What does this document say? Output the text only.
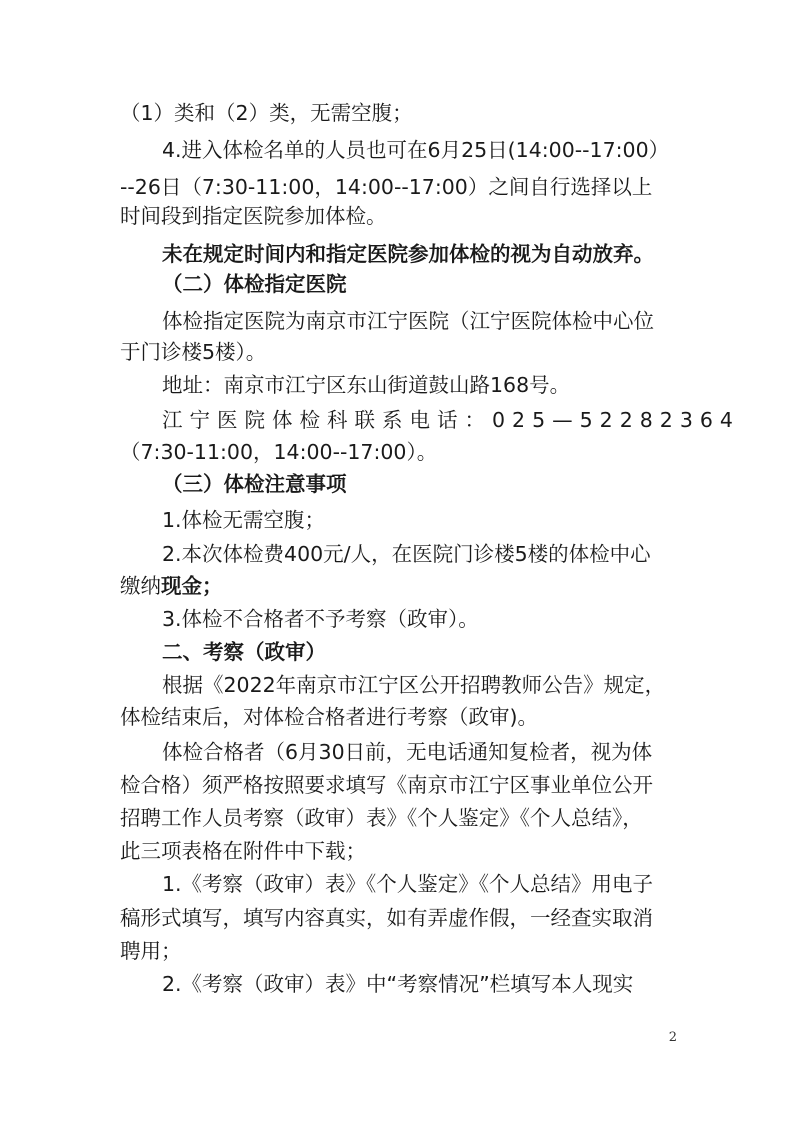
（1）类和（2）类，无需空腹；
4.进入体检名单的人员也可在6月25日(14:00--17:00）
--26日（7:30-11:00，14:00--17:00）之间自行选择以上
时间段到指定医院参加体检。
未在规定时间内和指定医院参加体检的视为自动放弃。
（二）体检指定医院
体检指定医院为南京市江宁医院（江宁医院体检中心位
于门诊楼5楼）。
地址：南京市江宁区东山街道鼓山路168号。
江宁医院体检科联系电话：025—52282364
（7:30-11:00，14:00--17:00）。
（三）体检注意事项
1.体检无需空腹；
2.本次体检费400元/人，在医院门诊楼5楼的体检中心
缴纳现金；
3.体检不合格者不予考察（政审）。
二、考察（政审）
根据《2022年南京市江宁区公开招聘教师公告》规定，
体检结束后，对体检合格者进行考察（政审)。
体检合格者（6月30日前，无电话通知复检者，视为体
检合格）须严格按照要求填写《南京市江宁区事业单位公开
招聘工作人员考察（政审）表》《个人鉴定》《个人总结》，
此三项表格在附件中下载；
1.《考察（政审）表》《个人鉴定》《个人总结》用电子
稿形式填写，填写内容真实，如有弄虚作假，一经查实取消
聘用；
2.《考察（政审）表》中“考察情况”栏填写本人现实
2
